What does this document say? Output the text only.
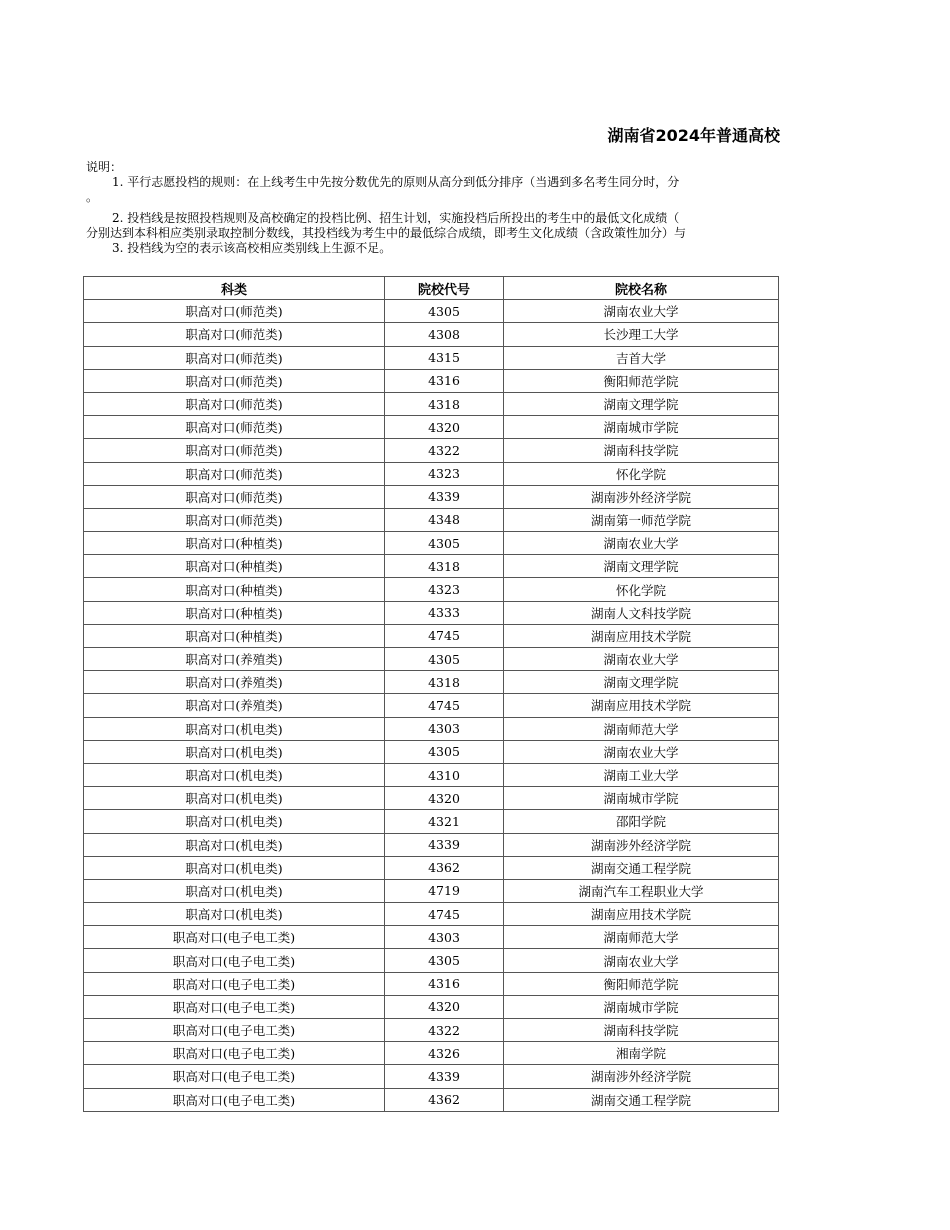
湖南省2024年普通高校
说明：
1. 平行志愿投档的规则：在上线考生中先按分数优先的原则从高分到低分排序（当遇到多名考生同分时，分
。
2. 投档线是按照投档规则及高校确定的投档比例、招生计划，实施投档后所投出的考生中的最低文化成绩（
分别达到本科相应类别录取控制分数线，其投档线为考生中的最低综合成绩，即考生文化成绩（含政策性加分）与
3. 投档线为空的表示该高校相应类别线上生源不足。
科类	院校代号	院校名称
职高对口(师范类)	4305	湖南农业大学
职高对口(师范类)	4308	长沙理工大学
职高对口(师范类)	4315	吉首大学
职高对口(师范类)	4316	衡阳师范学院
职高对口(师范类)	4318	湖南文理学院
职高对口(师范类)	4320	湖南城市学院
职高对口(师范类)	4322	湖南科技学院
职高对口(师范类)	4323	怀化学院
职高对口(师范类)	4339	湖南涉外经济学院
职高对口(师范类)	4348	湖南第一师范学院
职高对口(种植类)	4305	湖南农业大学
职高对口(种植类)	4318	湖南文理学院
职高对口(种植类)	4323	怀化学院
职高对口(种植类)	4333	湖南人文科技学院
职高对口(种植类)	4745	湖南应用技术学院
职高对口(养殖类)	4305	湖南农业大学
职高对口(养殖类)	4318	湖南文理学院
职高对口(养殖类)	4745	湖南应用技术学院
职高对口(机电类)	4303	湖南师范大学
职高对口(机电类)	4305	湖南农业大学
职高对口(机电类)	4310	湖南工业大学
职高对口(机电类)	4320	湖南城市学院
职高对口(机电类)	4321	邵阳学院
职高对口(机电类)	4339	湖南涉外经济学院
职高对口(机电类)	4362	湖南交通工程学院
职高对口(机电类)	4719	湖南汽车工程职业大学
职高对口(机电类)	4745	湖南应用技术学院
职高对口(电子电工类)	4303	湖南师范大学
职高对口(电子电工类)	4305	湖南农业大学
职高对口(电子电工类)	4316	衡阳师范学院
职高对口(电子电工类)	4320	湖南城市学院
职高对口(电子电工类)	4322	湖南科技学院
职高对口(电子电工类)	4326	湘南学院
职高对口(电子电工类)	4339	湖南涉外经济学院
职高对口(电子电工类)	4362	湖南交通工程学院
